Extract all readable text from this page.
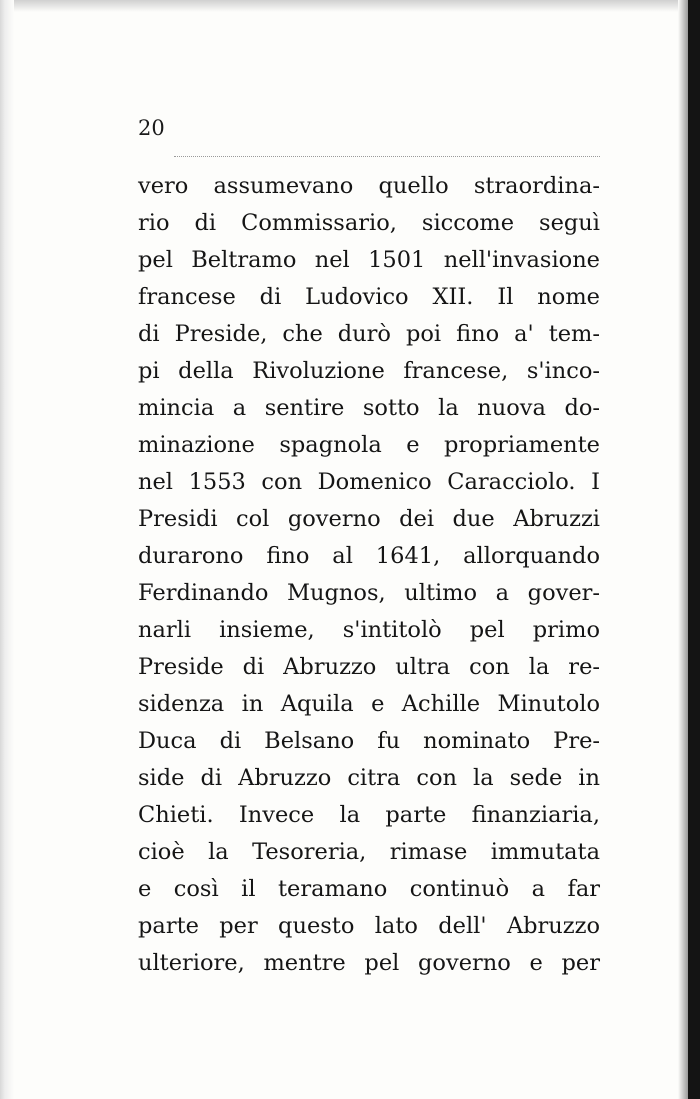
20
vero assumevano quello straordina-
rio di Commissario, siccome seguì
pel Beltramo nel 1501 nell'invasione
francese di Ludovico XII. Il nome
di Preside, che durò poi fino a' tem-
pi della Rivoluzione francese, s'inco-
mincia a sentire sotto la nuova do-
minazione spagnola e propriamente
nel 1553 con Domenico Caracciolo. I
Presidi col governo dei due Abruzzi
durarono fino al 1641, allorquando
Ferdinando Mugnos, ultimo a gover-
narli insieme, s'intitolò pel primo
Preside di Abruzzo ultra con la re-
sidenza in Aquila e Achille Minutolo
Duca di Belsano fu nominato Pre-
side di Abruzzo citra con la sede in
Chieti. Invece la parte finanziaria,
cioè la Tesoreria, rimase immutata
e così il teramano continuò a far
parte per questo lato dell' Abruzzo
ulteriore, mentre pel governo e per
